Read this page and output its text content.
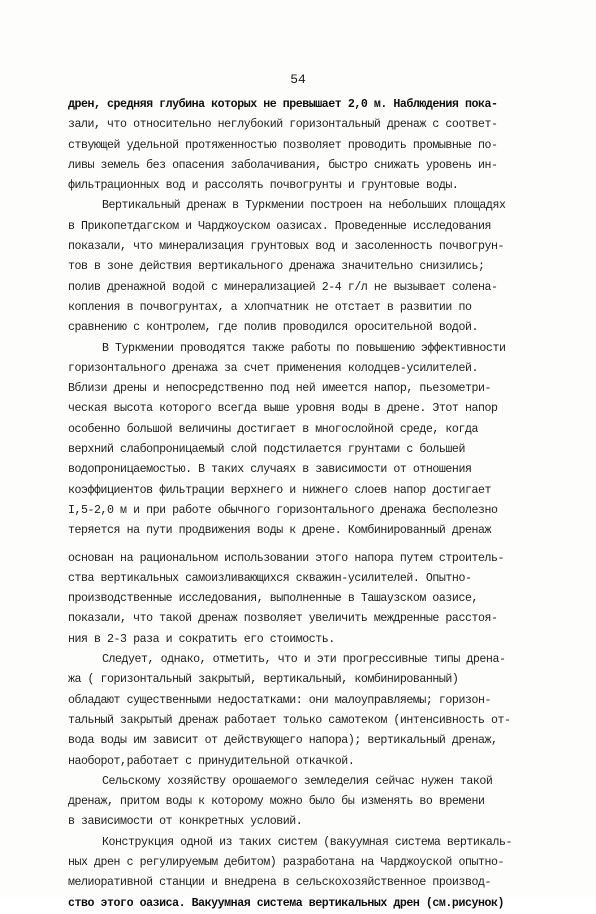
54
дрен, средняя глубина которых не превышает 2,0 м. Наблюдения пока-
зали, что относительно неглубокий горизонтальный дренаж с соответ-
ствующей удельной протяженностью позволяет проводить промывные по-
ливы земель без опасения заболачивания, быстро снижать уровень ин-
фильтрационных вод и рассолять почвогрунты и грунтовые воды.
Вертикальный дренаж в Туркмении построен на небольших площадях
в Прикопетдагском и Чарджоуском оазисах. Проведенные исследования
показали, что минерализация грунтовых вод и засоленность почвогрун-
тов в зоне действия вертикального дренажа значительно снизились;
полив дренажной водой с минерализацией 2-4 г/л не вызывает солена-
копления в почвогрунтах, а хлопчатник не отстает в развитии по
сравнению с контролем, где полив проводился оросительной водой.
В Туркмении проводятся также работы по повышению эффективности
горизонтального дренажа за счет применения колодцев-усилителей.
Вблизи дрены и непосредственно под ней имеется напор, пьезометри-
ческая высота которого всегда выше уровня воды в дрене. Этот напор
особенно большой величины достигает в многослойной среде, когда
верхний слабопроницаемый слой подстилается грунтами с большей
водопроницаемостью. В таких случаях в зависимости от отношения
коэффициентов фильтрации верхнего и нижнего слоев напор достигает
I,5-2,0 м и при работе обычного горизонтального дренажа бесполезно
теряется на пути продвижения воды к дрене. Комбинированный дренаж
основан на рациональном использовании этого напора путем строитель-
ства вертикальных самоизливающихся скважин-усилителей. Опытно-
производственные исследования, выполненные в Ташаузском оазисе,
показали, что такой дренаж позволяет увеличить междренные расстоя-
ния в 2-3 раза и сократить его стоимость.
Следует, однако, отметить, что и эти прогрессивные типы дрена-
жа ( горизонтальный закрытый, вертикальный, комбинированный)
обладают существенными недостатками: они малоуправляемы; горизон-
тальный закрытый дренаж работает только самотеком (интенсивность от-
вода воды им зависит от действующего напора); вертикальный дренаж,
наоборот,работает с принудительной откачкой.
Сельскому хозяйству орошаемого земледелия сейчас нужен такой
дренаж, притом воды к которому можно было бы изменять во времени
в зависимости от конкретных условий.
Конструкция одной из таких систем (вакуумная система вертикаль-
ных дрен с регулируемым дебитом) разработана на Чарджоуской опытно-
мелиоративной станции и внедрена в сельскохозяйственное производ-
ство этого оазиса. Вакуумная система вертикальных дрен (см.рисунок)
